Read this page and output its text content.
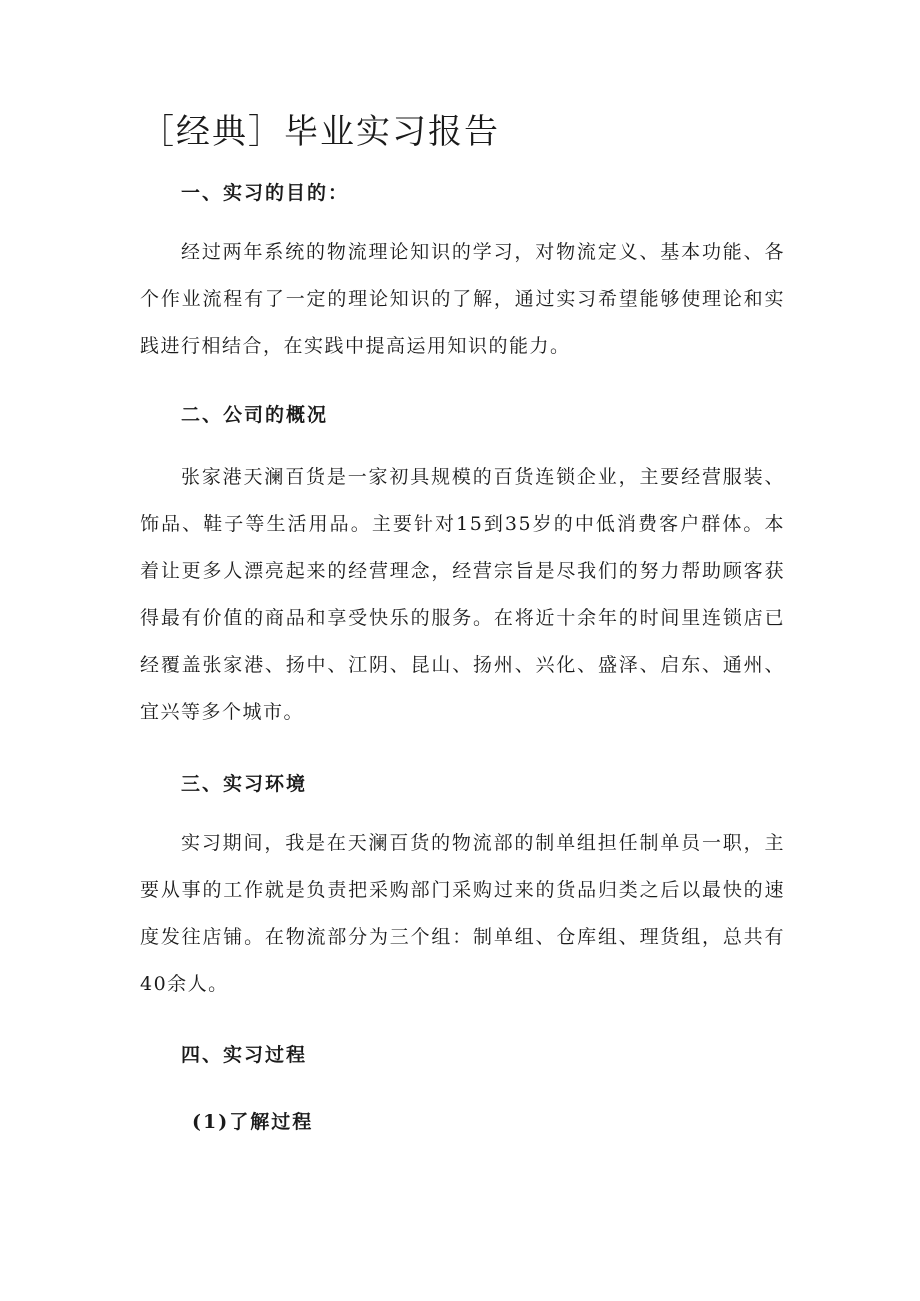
［经典］毕业实习报告
一、实习的目的：

经过两年系统的物流理论知识的学习，对物流定义、基本功能、各个作业流程有了一定的理论知识的了解，通过实习希望能够使理论和实践进行相结合，在实践中提高运用知识的能力。

二、公司的概况

张家港天澜百货是一家初具规模的百货连锁企业，主要经营服装、饰品、鞋子等生活用品。主要针对15到35岁的中低消费客户群体。本着让更多人漂亮起来的经营理念，经营宗旨是尽我们的努力帮助顾客获得最有价值的商品和享受快乐的服务。在将近十余年的时间里连锁店已经覆盖张家港、扬中、江阴、昆山、扬州、兴化、盛泽、启东、通州、宜兴等多个城市。

三、实习环境

实习期间，我是在天澜百货的物流部的制单组担任制单员一职，主要从事的工作就是负责把采购部门采购过来的货品归类之后以最快的速度发往店铺。在物流部分为三个组：制单组、仓库组、理货组，总共有40余人。

四、实习过程
(1)了解过程
